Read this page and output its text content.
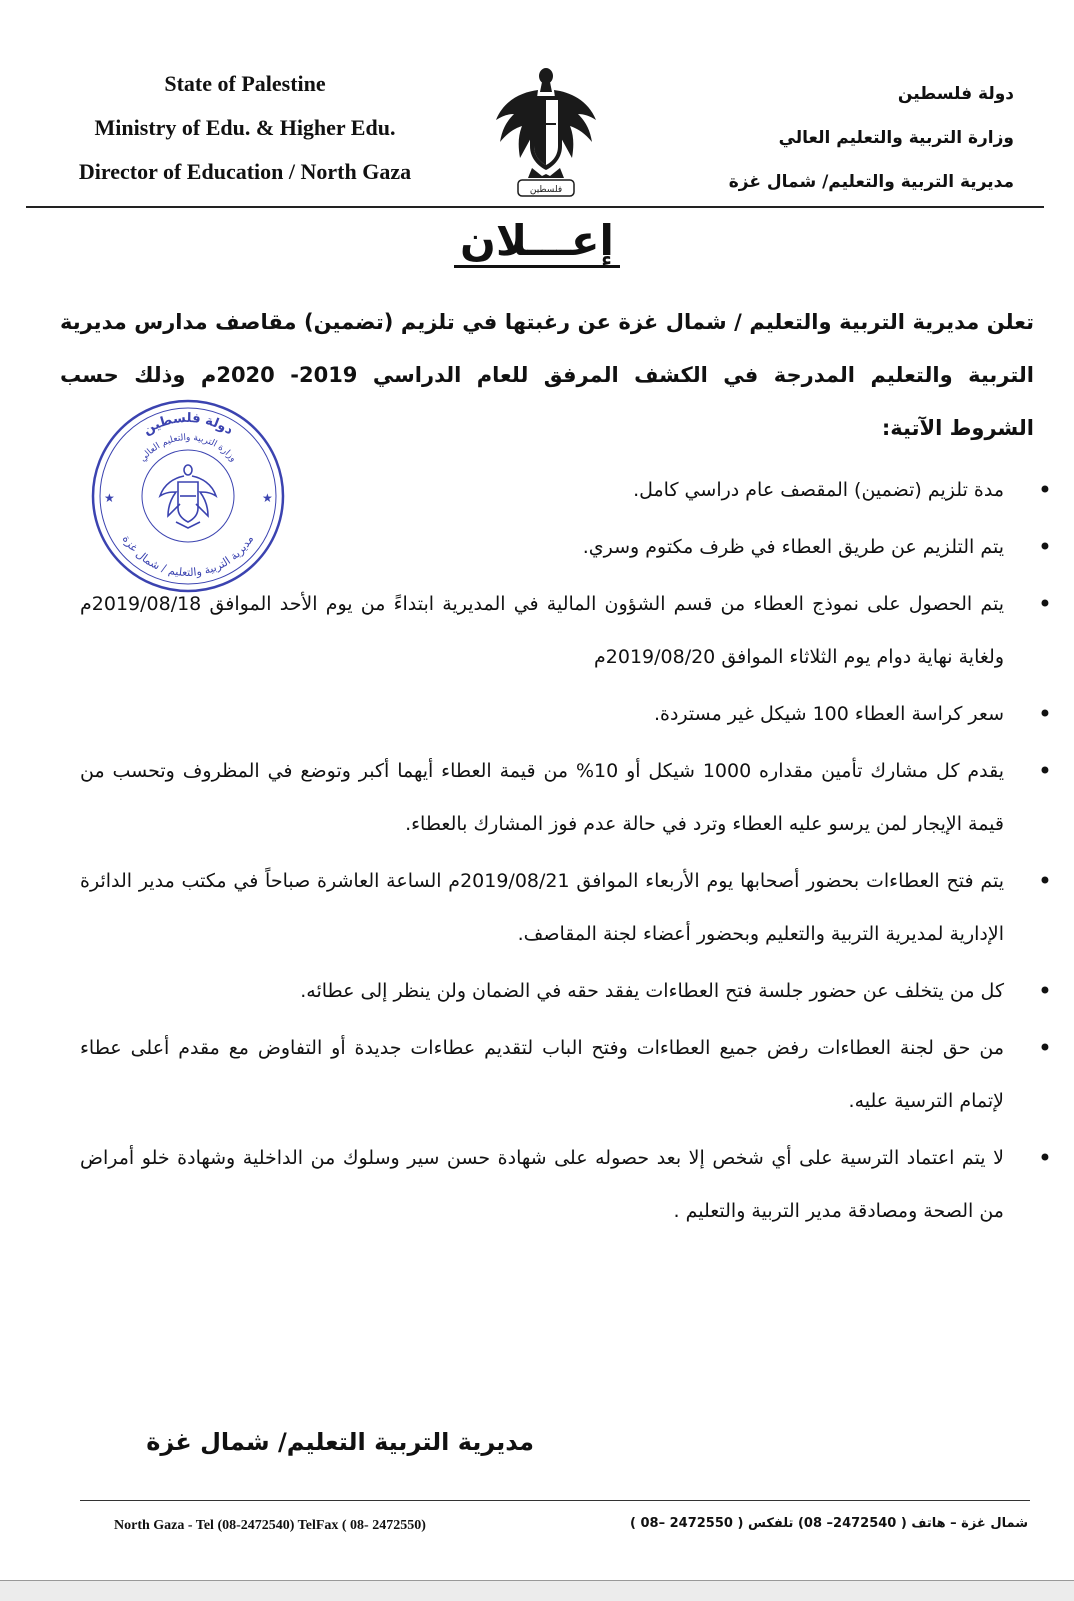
State of Palestine
Ministry of Edu. & Higher Edu.
Director of Education / North Gaza
فلسطين
دولة فلسطين
وزارة التربية والتعليم العالي
مديرية التربية والتعليم/ شمال غزة
إعـــلان
تعلن مديرية التربية والتعليم / شمال غزة عن رغبتها في تلزيم (تضمين) مقاصف مدارس مديرية التربية والتعليم المدرجة في الكشف المرفق للعام الدراسي 2019- 2020م وذلك حسب الشروط الآتية:
دولة فلسطين
وزارة التربية والتعليم العالي
مديرية التربية والتعليم / شمال غزة
★	★	• مدة تلزيم (تضمين) المقصف عام دراسي كامل.
• يتم التلزيم عن طريق العطاء في ظرف مكتوم وسري.
• يتم الحصول على نموذج العطاء من قسم الشؤون المالية في المديرية ابتداءً من يوم الأحد الموافق 2019/08/18م ولغاية نهاية دوام يوم الثلاثاء الموافق 2019/08/20م
• سعر كراسة العطاء 100 شيكل غير مستردة.
• يقدم كل مشارك تأمين مقداره 1000 شيكل أو 10% من قيمة العطاء أيهما أكبر وتوضع في المظروف وتحسب من قيمة الإيجار لمن يرسو عليه العطاء وترد في حالة عدم فوز المشارك بالعطاء.
• يتم فتح العطاءات بحضور أصحابها يوم الأربعاء الموافق 2019/08/21م الساعة العاشرة صباحاً في مكتب مدير الدائرة الإدارية لمديرية التربية والتعليم وبحضور أعضاء لجنة المقاصف.
• كل من يتخلف عن حضور جلسة فتح العطاءات يفقد حقه في الضمان ولن ينظر إلى عطائه.
• من حق لجنة العطاءات رفض جميع العطاءات وفتح الباب لتقديم عطاءات جديدة أو التفاوض مع مقدم أعلى عطاء لإتمام الترسية عليه.
• لا يتم اعتماد الترسية على أي شخص إلا بعد حصوله على شهادة حسن سير وسلوك من الداخلية وشهادة خلو أمراض من الصحة ومصادقة مدير التربية والتعليم .
مديرية التربية التعليم/ شمال غزة
North Gaza - Tel (08-2472540) TelFax ( 08- 2472550)	شمال غزة – هاتف ( 2472540– 08) تلفكس ( 2472550 –08 )
